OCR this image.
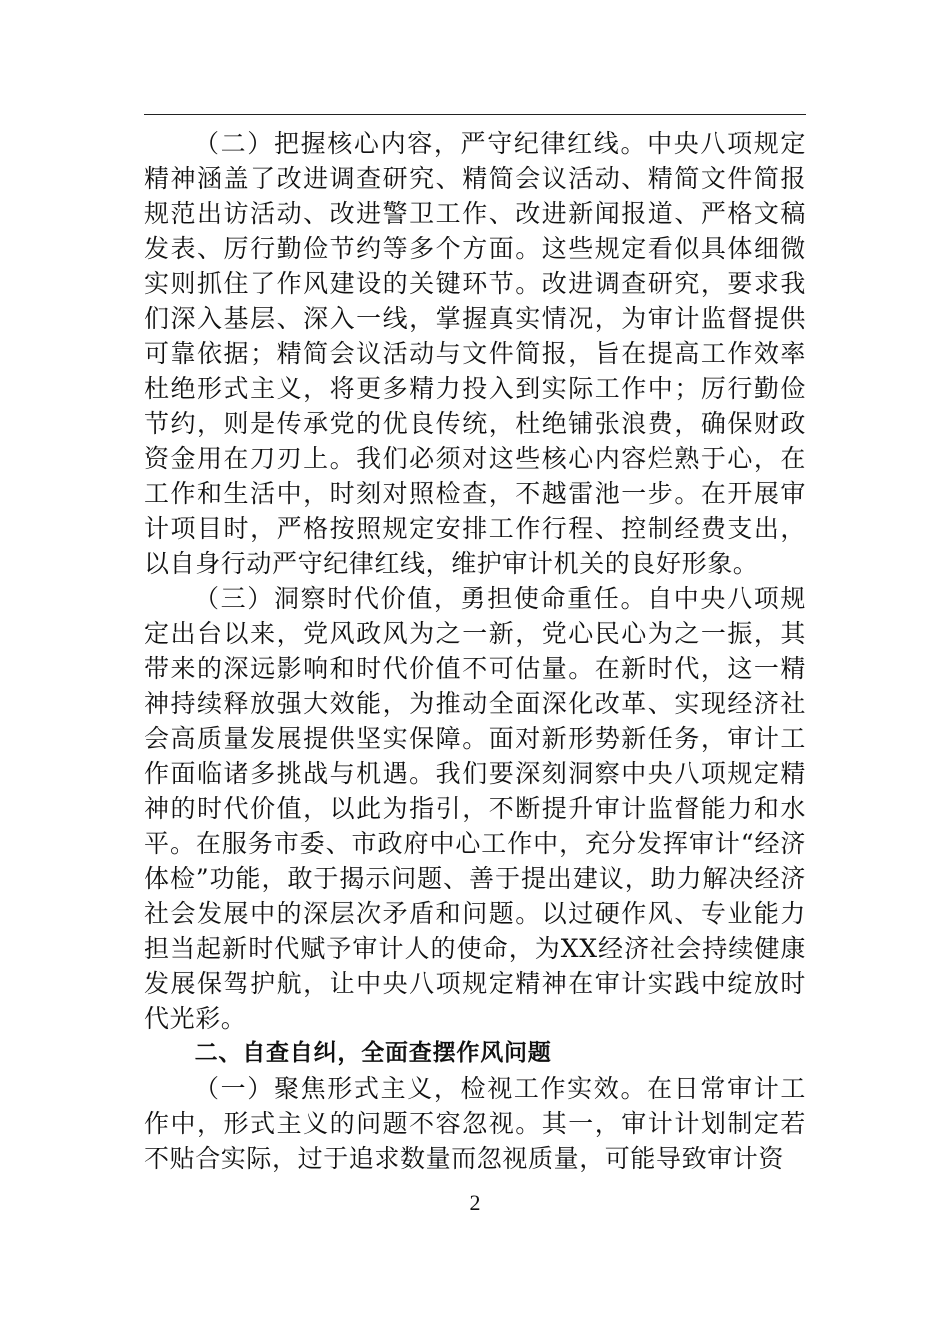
（二）把握核心内容，严守纪律红线。中央八项规定精神涵盖了改进调查研究、精简会议活动、精简文件简报规范出访活动、改进警卫工作、改进新闻报道、严格文稿发表、厉行勤俭节约等多个方面。这些规定看似具体细微实则抓住了作风建设的关键环节。改进调查研究，要求我们深入基层、深入一线，掌握真实情况，为审计监督提供可靠依据；精简会议活动与文件简报，旨在提高工作效率杜绝形式主义，将更多精力投入到实际工作中；厉行勤俭节约，则是传承党的优良传统，杜绝铺张浪费，确保财政资金用在刀刃上。我们必须对这些核心内容烂熟于心，在工作和生活中，时刻对照检查，不越雷池一步。在开展审计项目时，严格按照规定安排工作行程、控制经费支出，以自身行动严守纪律红线，维护审计机关的良好形象。

（三）洞察时代价值，勇担使命重任。自中央八项规定出台以来，党风政风为之一新，党心民心为之一振，其带来的深远影响和时代价值不可估量。在新时代，这一精神持续释放强大效能，为推动全面深化改革、实现经济社会高质量发展提供坚实保障。面对新形势新任务，审计工作面临诸多挑战与机遇。我们要深刻洞察中央八项规定精神的时代价值，以此为指引，不断提升审计监督能力和水平。在服务市委、市政府中心工作中，充分发挥审计“经济体检”功能，敢于揭示问题、善于提出建议，助力解决经济社会发展中的深层次矛盾和问题。以过硬作风、专业能力担当起新时代赋予审计人的使命，为XX经济社会持续健康发展保驾护航，让中央八项规定精神在审计实践中绽放时代光彩。

二、自查自纠，全面查摆作风问题

（一）聚焦形式主义，检视工作实效。在日常审计工作中，形式主义的问题不容忽视。其一，审计计划制定若不贴合实际，过于追求数量而忽视质量，可能导致审计资

2
